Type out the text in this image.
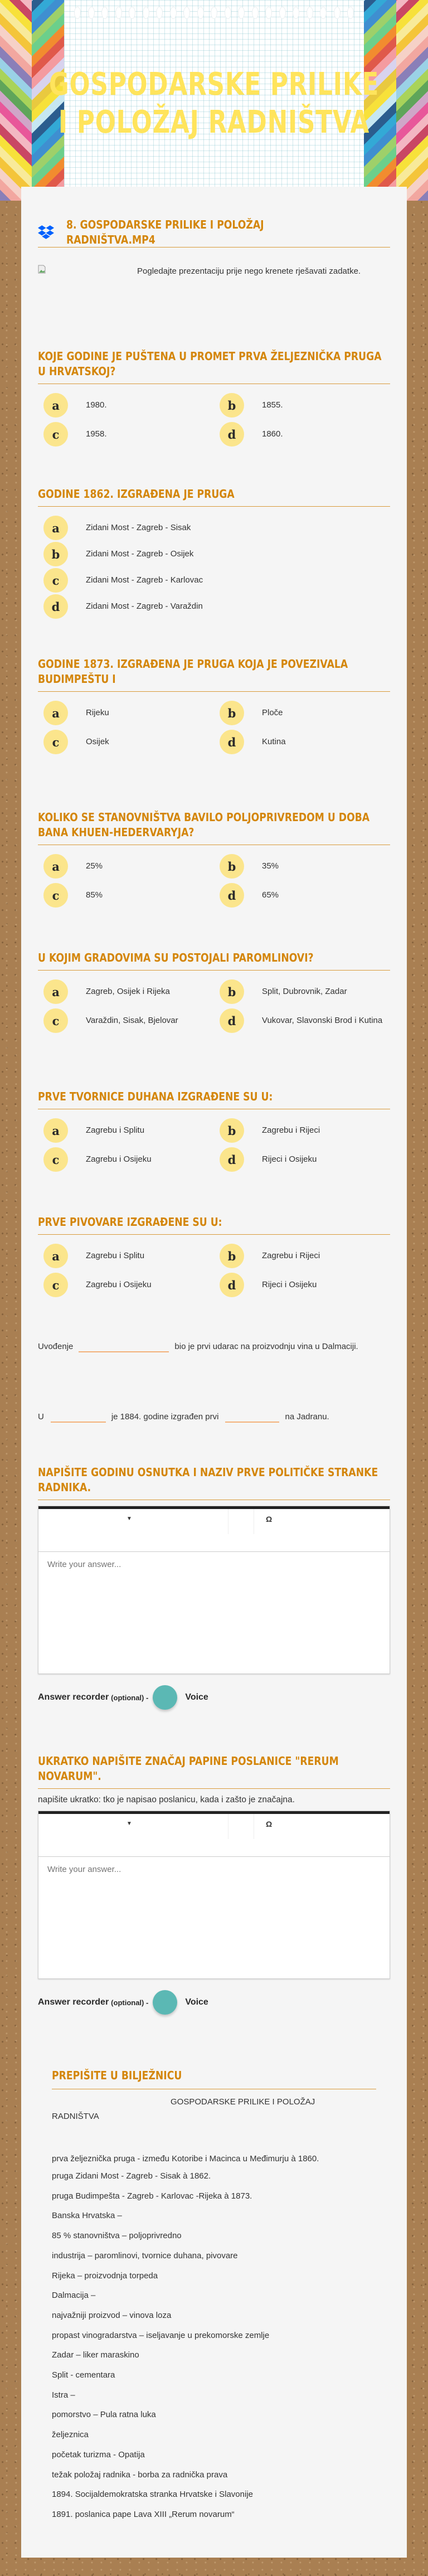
GOSPODARSKE PRILIKE I POLOŽAJ RADNIŠTVA
8. GOSPODARSKE PRILIKE I POLOŽAJ RADNIŠTVA.MP4
Pogledajte prezentaciju prije nego krenete rješavati zadatke.
KOJE GODINE JE PUŠTENA U PROMET PRVA ŽELJEZNIČKA PRUGA U HRVATSKOJ?
a	1980.	b	1855.
c	1958.	d	1860.
GODINE 1862. IZGRAĐENA JE PRUGA
a	Zidani Most - Zagreb - Sisak
b	Zidani Most - Zagreb - Osijek
c	Zidani Most - Zagreb - Karlovac
d	Zidani Most - Zagreb - Varaždin
GODINE 1873. IZGRAĐENA JE PRUGA KOJA JE POVEZIVALA BUDIMPEŠTU I
a	Rijeku	b	Ploče
c	Osijek	d	Kutina
KOLIKO SE STANOVNIŠTVA BAVILO POLJOPRIVREDOM U DOBA BANA KHUEN-HEDERVARYJA?
a	25%	b	35%
c	85%	d	65%
U KOJIM GRADOVIMA SU POSTOJALI PAROMLINOVI?
a	Zagreb, Osijek i Rijeka	b	Split, Dubrovnik, Zadar
c	Varaždin, Sisak, Bjelovar	d	Vukovar, Slavonski Brod i Kutina
PRVE TVORNICE DUHANA IZGRAĐENE SU U:
a	Zagrebu i Splitu	b	Zagrebu i Rijeci
c	Zagrebu i Osijeku	d	Rijeci i Osijeku
PRVE PIVOVARE IZGRAĐENE SU U:
a	Zagrebu i Splitu	b	Zagrebu i Rijeci
c	Zagrebu i Osijeku	d	Rijeci i Osijeku
Uvođenje	bio je prvi udarac na proizvodnju vina u Dalmaciji.
U	je 1884. godine izgrađen prvi	na Jadranu.
NAPIŠITE GODINU OSNUTKA I NAZIV PRVE POLITIČKE STRANKE RADNIKA.
▼	Ω
Write your answer...
Answer recorder (optional) -	Voice
UKRATKO NAPIŠITE ZNAČAJ PAPINE POSLANICE "RERUM NOVARUM".
napišite ukratko: tko je napisao poslanicu, kada i zašto je značajna.
▼	Ω
Write your answer...
Answer recorder (optional) -	Voice
PREPIŠITE U BILJEŽNICU
GOSPODARSKE PRILIKE I POLOŽAJ
RADNIŠTVA
prva željeznička pruga - između Kotoribe i Macinca u Međimurju à 1860.
pruga Zidani Most - Zagreb - Sisak à 1862.
pruga Budimpešta - Zagreb - Karlovac -Rijeka à 1873.
Banska Hrvatska –
85 % stanovništva – poljoprivredno
industrija – paromlinovi, tvornice duhana, pivovare
Rijeka – proizvodnja torpeda
Dalmacija –
najvažniji proizvod – vinova loza
propast vinogradarstva – iseljavanje u prekomorske zemlje
Zadar – liker maraskino
Split - cementara
Istra –
pomorstvo – Pula ratna luka
željeznica
početak turizma - Opatija
težak položaj radnika - borba za radnička prava
1894. Socijaldemokratska stranka Hrvatske i Slavonije
1891. poslanica pape Lava XIII „Rerum novarum“
